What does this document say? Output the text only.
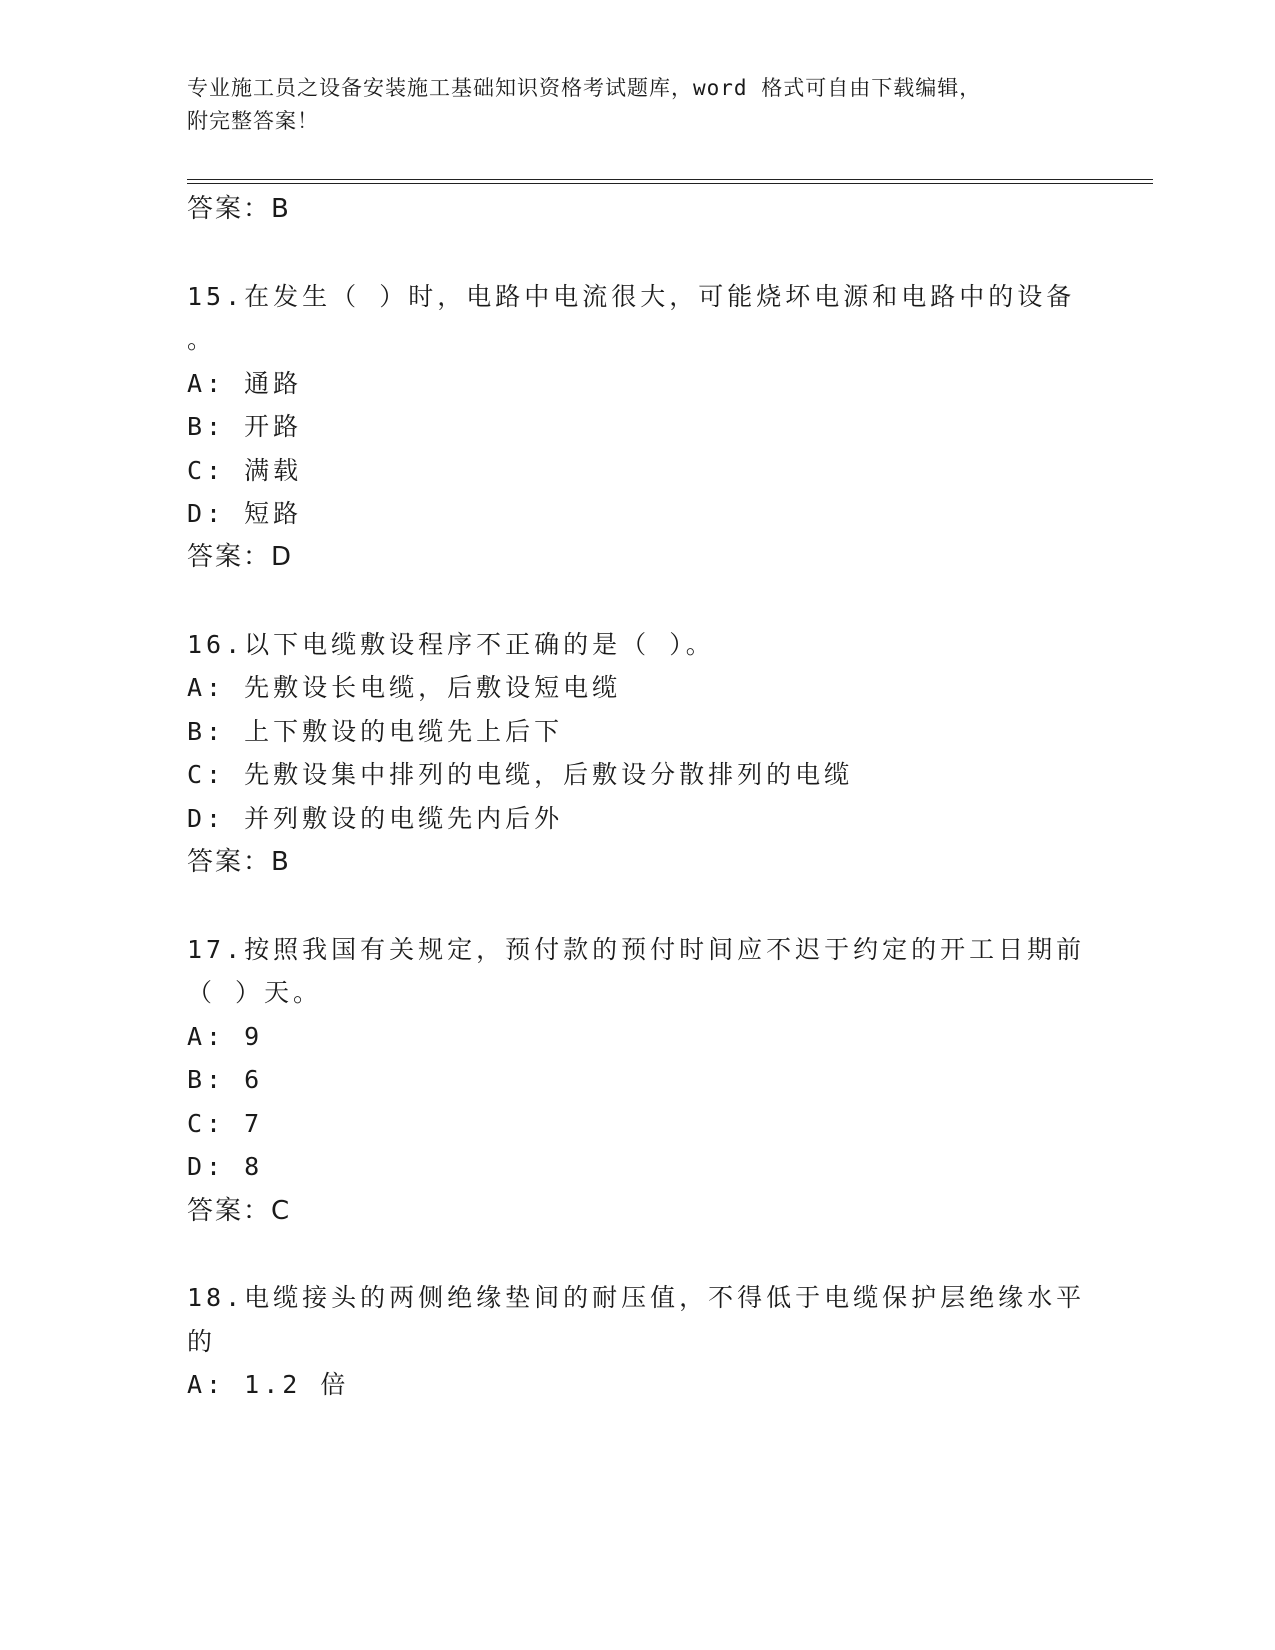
专业施工员之设备安装施工基础知识资格考试题库，word 格式可自由下载编辑，
附完整答案！
答案：B
15.在发生（ ）时，电路中电流很大，可能烧坏电源和电路中的设备
。
A: 通路
B: 开路
C: 满载
D: 短路
答案：D
16.以下电缆敷设程序不正确的是（ ）。
A: 先敷设长电缆，后敷设短电缆
B: 上下敷设的电缆先上后下
C: 先敷设集中排列的电缆，后敷设分散排列的电缆
D: 并列敷设的电缆先内后外
答案：B
17.按照我国有关规定，预付款的预付时间应不迟于约定的开工日期前
（ ）天。
A: 9
B: 6
C: 7
D: 8
答案：C
18.电缆接头的两侧绝缘垫间的耐压值，不得低于电缆保护层绝缘水平
的
A: 1.2 倍
